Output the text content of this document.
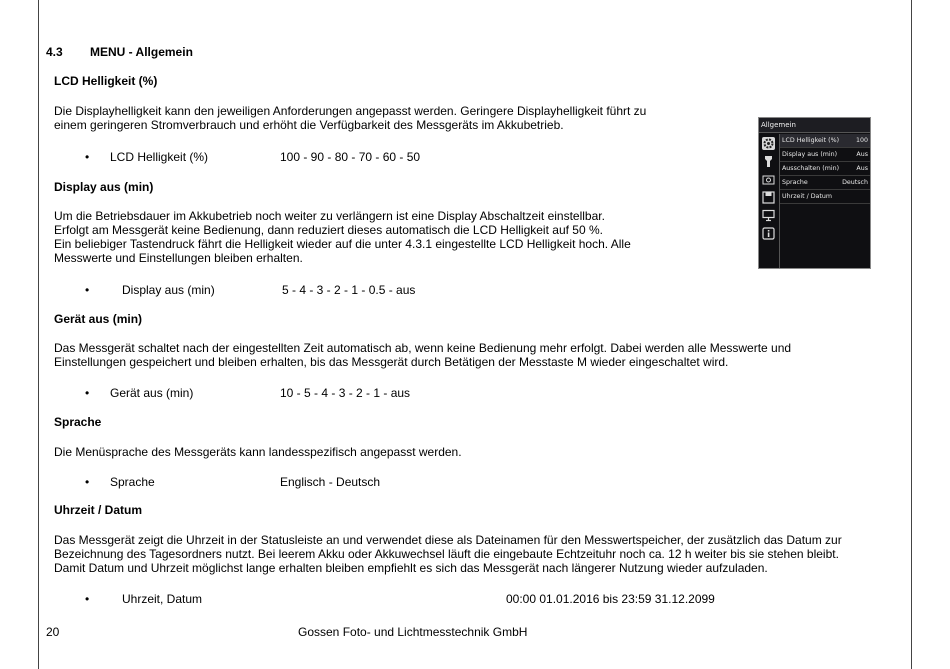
4.3 MENU - Allgemein
LCD Helligkeit (%)
Die Displayhelligkeit kann den jeweiligen Anforderungen angepasst werden. Geringere Displayhelligkeit führt zu
einem geringeren Stromverbrauch und erhöht die Verfügbarkeit des Messgeräts im Akkubetrieb.
• LCD Helligkeit (%)	100 - 90 - 80 - 70 - 60 - 50
Display aus (min)
Um die Betriebsdauer im Akkubetrieb noch weiter zu verlängern ist eine Display Abschaltzeit einstellbar.
Erfolgt am Messgerät keine Bedienung, dann reduziert dieses automatisch die LCD Helligkeit auf 50 %.
Ein beliebiger Tastendruck fährt die Helligkeit wieder auf die unter 4.3.1 eingestellte LCD Helligkeit hoch. Alle
Messwerte und Einstellungen bleiben erhalten.
•	Display aus (min)	5 - 4 - 3 - 2 - 1 - 0.5 - aus
Gerät aus (min)
Das Messgerät schaltet nach der eingestellten Zeit automatisch ab, wenn keine Bedienung mehr erfolgt. Dabei werden alle Messwerte und
Einstellungen gespeichert und bleiben erhalten, bis das Messgerät durch Betätigen der Messtaste M wieder eingeschaltet wird.
• Gerät aus (min)	10 - 5 - 4 - 3 - 2 - 1 - aus
Sprache
Die Menüsprache des Messgeräts kann landesspezifisch angepasst werden.
• Sprache	Englisch - Deutsch
Uhrzeit / Datum
Das Messgerät zeigt die Uhrzeit in der Statusleiste an und verwendet diese als Dateinamen für den Messwertspeicher, der zusätzlich das Datum zur
Bezeichnung des Tagesordners nutzt. Bei leerem Akku oder Akkuwechsel läuft die eingebaute Echtzeituhr noch ca. 12 h weiter bis sie stehen bleibt.
Damit Datum und Uhrzeit möglichst lange erhalten bleiben empfiehlt es sich das Messgerät nach längerer Nutzung wieder aufzuladen.
•	Uhrzeit, Datum	00:00 01.01.2016 bis 23:59 31.12.2099
20	Gossen Foto- und Lichtmesstechnik GmbH
Allgemein
LCD Helligkeit (%)	100
Display aus (min)	Aus
Ausschalten (min)	Aus
Sprache	Deutsch
Uhrzeit / Datum
